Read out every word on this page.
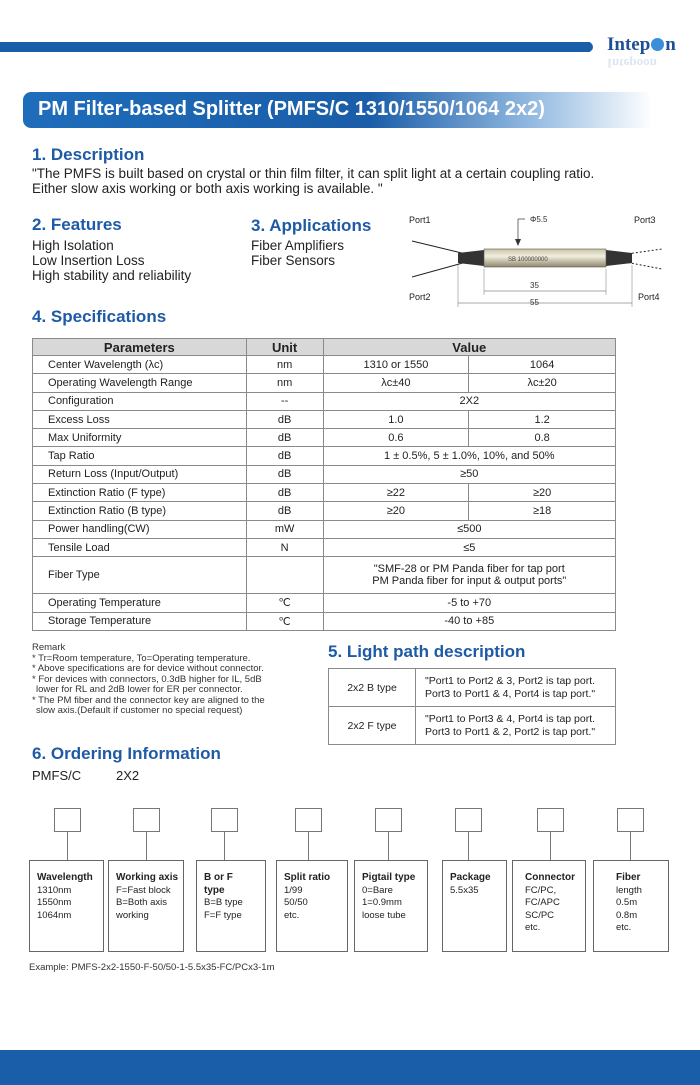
Intep n
Intepoon
PM Filter-based Splitter (PMFS/C 1310/1550/1064 2x2)
1. Description
"The PMFS is built based on crystal or thin film filter, it can split light at a certain coupling ratio.
Either slow axis working or both axis working is available. "
2. Features
High Isolation
Low Insertion Loss
High stability and reliability
3. Applications
Fiber Amplifiers
Fiber Sensors	SB 100000000
Port1
Port2
Port3
Port4
Φ5.5
35
55
4. Specifications
Parameters	Unit	Value	
Center Wavelength (λc)	nm	1310 or 1550	1064
Operating Wavelength Range	nm	λc±40	λc±20
Configuration	--	2X2	
Excess Loss	dB	1.0	1.2
Max Uniformity	dB	0.6	0.8
Tap Ratio	dB	1 ± 0.5%, 5 ± 1.0%, 10%, and 50%	
Return Loss (Input/Output)	dB	≥50	
Extinction Ratio (F type)	dB	≥22	≥20
Extinction Ratio (B type)	dB	≥20	≥18
Power handling(CW)	mW	≤500	
Tensile Load	N	≤5	
Fiber Type		"SMF-28 or PM Panda fiber for tap port
PM Panda fiber for input & output ports"	

Operating Temperature	℃	-5 to +70	
Storage Temperature	℃	-40 to +85	
Remark
* Tr=Room temperature, To=Operating temperature.
* Above specifications are for device without connector.
* For devices with connectors, 0.3dB higher for IL, 5dB
lower for RL and 2dB lower for ER per connector.
* The PM fiber and the connector key are aligned to the
slow axis.(Default if customer no special request)
5. Light path description
2x2 B type	"Port1 to Port2 & 3, Port2 is tap port.
Port3 to Port1 & 4, Port4 is tap port."

2x2 F type	"Port1 to Port3 & 4, Port4 is tap port.
Port3 to Port1 & 2, Port2 is tap port."
6. Ordering Information
PMFS/C	2X2
Wavelength
1310nm
1550nm
1064nm
Working axis
F=Fast block
B=Both axis
working
B or F
type
B=B type
F=F type
Split ratio
1/99
50/50
etc.
Pigtail type
0=Bare
1=0.9mm
loose tube
Package
5.5x35
Connector
FC/PC,
FC/APC
SC/PC
etc.
Fiber
length
0.5m
0.8m
etc.
Example: PMFS-2x2-1550-F-50/50-1-5.5x35-FC/PCx3-1m
